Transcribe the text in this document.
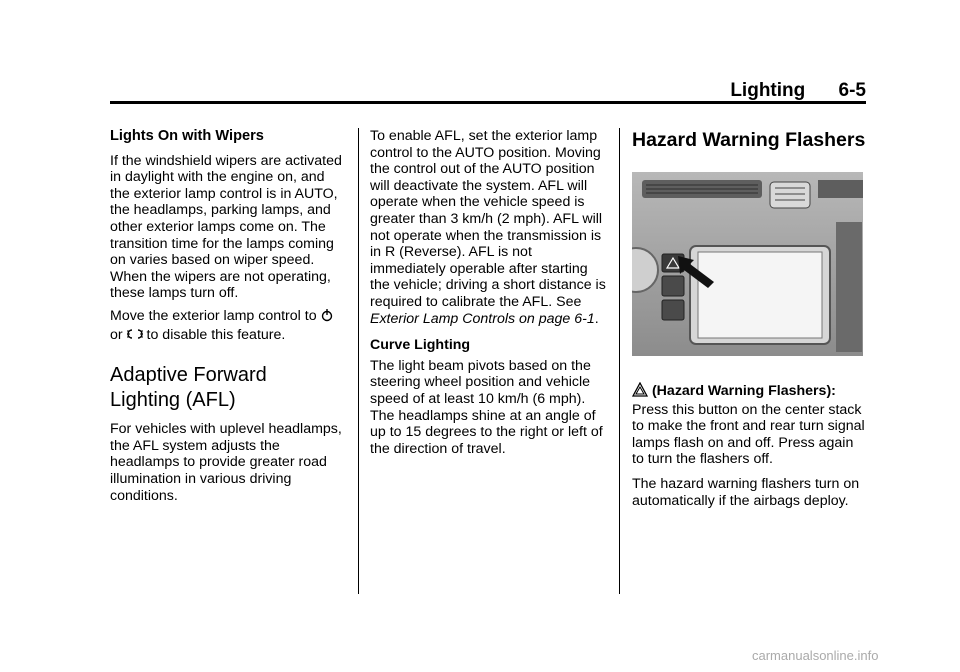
Lighting 6-5
Lights On with Wipers

If the windshield wipers are activated in daylight with the engine on, and the exterior lamp control is in AUTO, the headlamps, parking lamps, and other exterior lamps come on. The transition time for the lamps coming on varies based on wiper speed. When the wipers are not operating, these lamps turn off.

Move the exterior lamp control to
or to disable this feature.

Adaptive Forward
Lighting (AFL)

For vehicles with uplevel headlamps, the AFL system adjusts the headlamps to provide greater road illumination in various driving conditions.

To enable AFL, set the exterior lamp control to the AUTO position. Moving the control out of the AUTO position will deactivate the system. AFL will operate when the vehicle speed is greater than 3 km/h (2 mph). AFL will not operate when the transmission is in R (Reverse). AFL is not immediately operable after starting the vehicle; driving a short distance is required to calibrate the AFL. See Exterior Lamp Controls on page 6-1.

Curve Lighting

The light beam pivots based on the steering wheel position and vehicle speed of at least 10 km/h (6 mph). The headlamps shine at an angle of up to 15 degrees to the right or left of the direction of travel.

Hazard Warning Flashers

(Hazard Warning Flashers): Press this button on the center stack to make the front and rear turn signal lamps flash on and off. Press again to turn the flashers off.

The hazard warning flashers turn on automatically if the airbags deploy.

carmanualsonline.info
